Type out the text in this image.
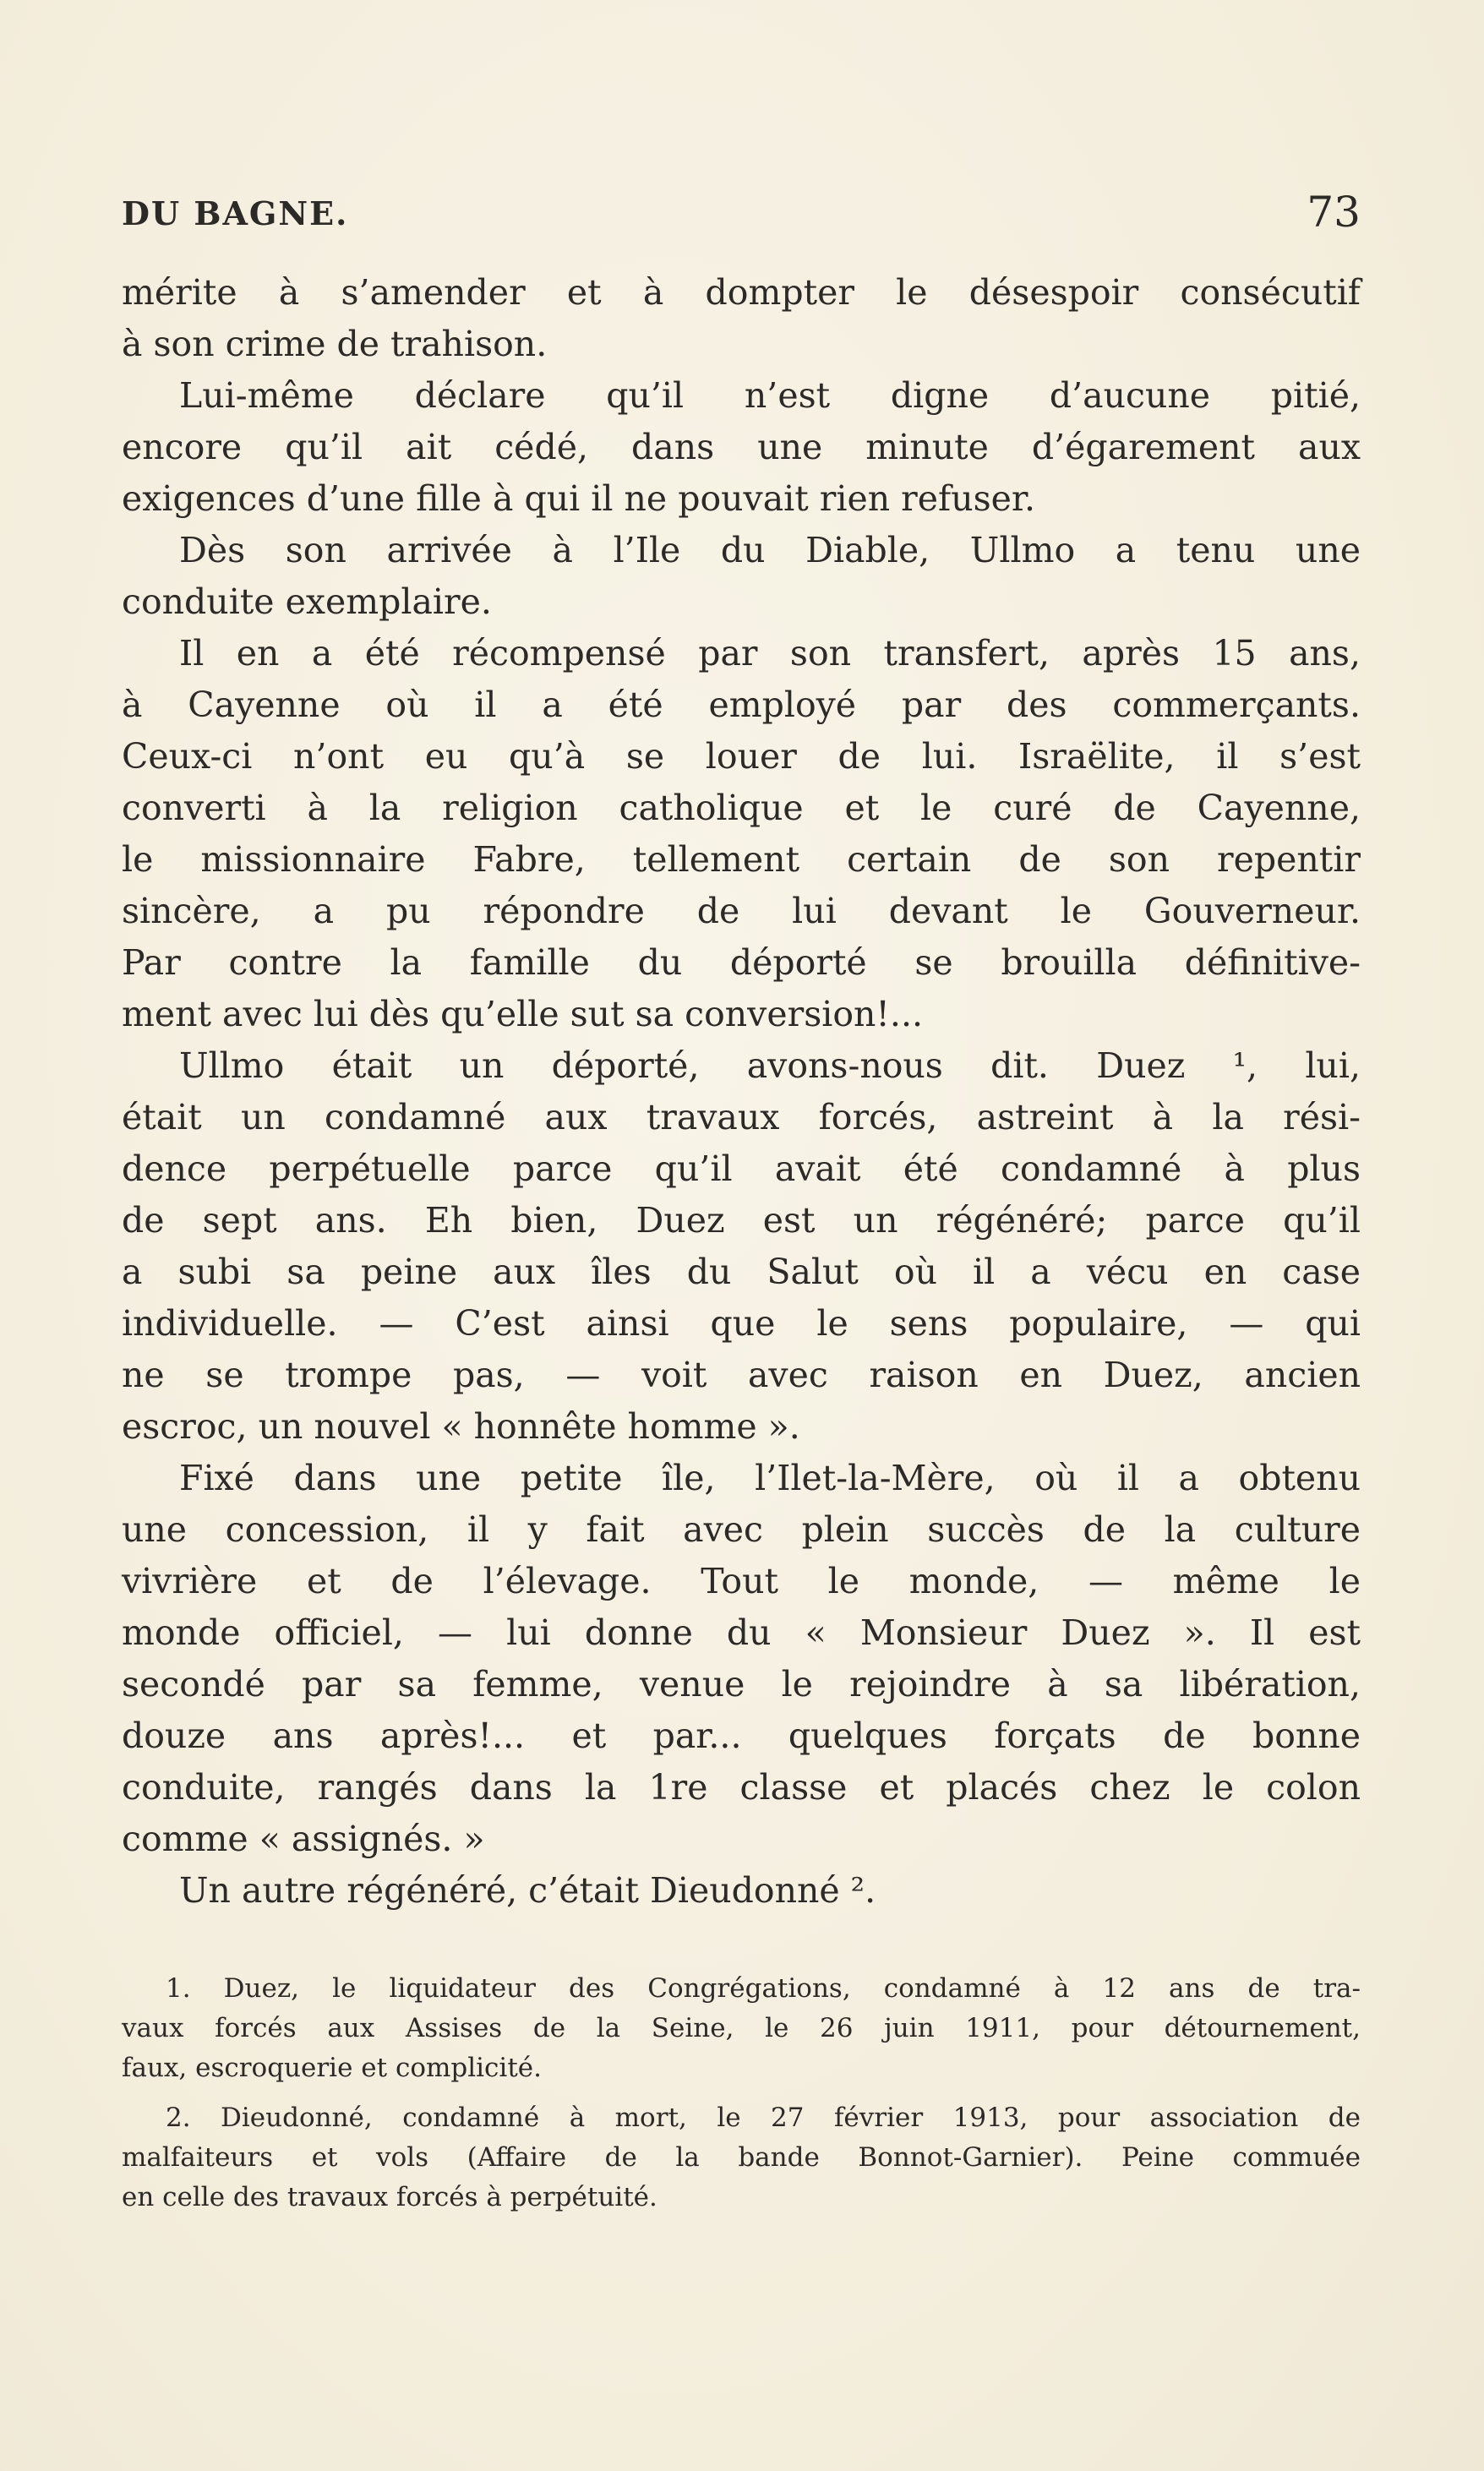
DU BAGNE.	73
mérite à s’amender et à dompter le désespoir consécutif
à son crime de trahison.
Lui-même déclare qu’il n’est digne d’aucune pitié,
encore qu’il ait cédé, dans une minute d’égarement aux
exigences d’une fille à qui il ne pouvait rien refuser.
Dès son arrivée à l’Ile du Diable, Ullmo a tenu une
conduite exemplaire.
Il en a été récompensé par son transfert, après 15 ans,
à Cayenne où il a été employé par des commerçants.
Ceux-ci n’ont eu qu’à se louer de lui. Israëlite, il s’est
converti à la religion catholique et le curé de Cayenne,
le missionnaire Fabre, tellement certain de son repentir
sincère, a pu répondre de lui devant le Gouverneur.
Par contre la famille du déporté se brouilla définitive-
ment avec lui dès qu’elle sut sa conversion!...
Ullmo était un déporté, avons-nous dit. Duez ¹, lui,
était un condamné aux travaux forcés, astreint à la rési-
dence perpétuelle parce qu’il avait été condamné à plus
de sept ans. Eh bien, Duez est un régénéré; parce qu’il
a subi sa peine aux îles du Salut où il a vécu en case
individuelle. — C’est ainsi que le sens populaire, — qui
ne se trompe pas, — voit avec raison en Duez, ancien
escroc, un nouvel « honnête homme ».
Fixé dans une petite île, l’Ilet-la-Mère, où il a obtenu
une concession, il y fait avec plein succès de la culture
vivrière et de l’élevage. Tout le monde, — même le
monde officiel, — lui donne du « Monsieur Duez ». Il est
secondé par sa femme, venue le rejoindre à sa libération,
douze ans après!... et par... quelques forçats de bonne
conduite, rangés dans la 1re classe et placés chez le colon
comme « assignés. »
Un autre régénéré, c’était Dieudonné ².
1. Duez, le liquidateur des Congrégations, condamné à 12 ans de tra-
vaux forcés aux Assises de la Seine, le 26 juin 1911, pour détournement,
faux, escroquerie et complicité.
2. Dieudonné, condamné à mort, le 27 février 1913, pour association de
malfaiteurs et vols (Affaire de la bande Bonnot-Garnier). Peine commuée
en celle des travaux forcés à perpétuité.
